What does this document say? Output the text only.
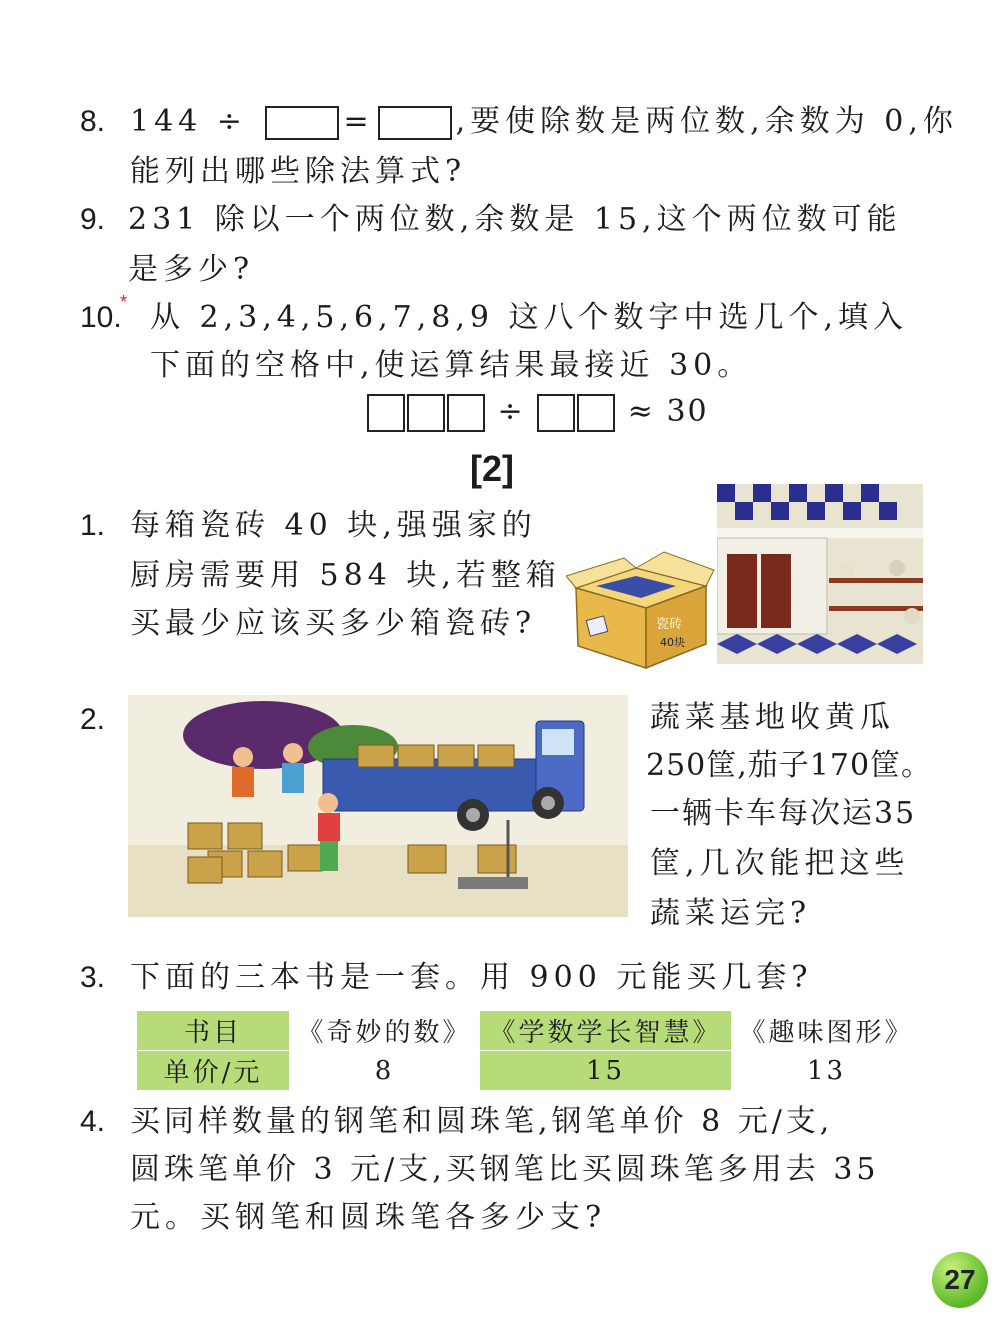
8. 144 ÷	=	,要使除数是两位数,余数为 0,你
能列出哪些除法算式?
9. 231 除以一个两位数,余数是 15,这个两位数可能
是多少?
10.
* 从 2,3,4,5,6,7,8,9 这八个数字中选几个,填入
下面的空格中,使运算结果最接近 30。
÷	≈ 30
[2]
1. 每箱瓷砖 40 块,强强家的
厨房需要用 584 块,若整箱
买最少应该买多少箱瓷砖?	瓷砖
40块
2.	蔬菜基地收黄瓜
250筐,茄子170筐。
一辆卡车每次运35
筐,几次能把这些
蔬菜运完?
3. 下面的三本书是一套。用 900 元能买几套?
书目	《奇妙的数》	《学数学长智慧》	《趣味图形》
单价/元	8	15	13
4. 买同样数量的钢笔和圆珠笔,钢笔单价 8 元/支,
圆珠笔单价 3 元/支,买钢笔比买圆珠笔多用去 35
元。买钢笔和圆珠笔各多少支?
27
